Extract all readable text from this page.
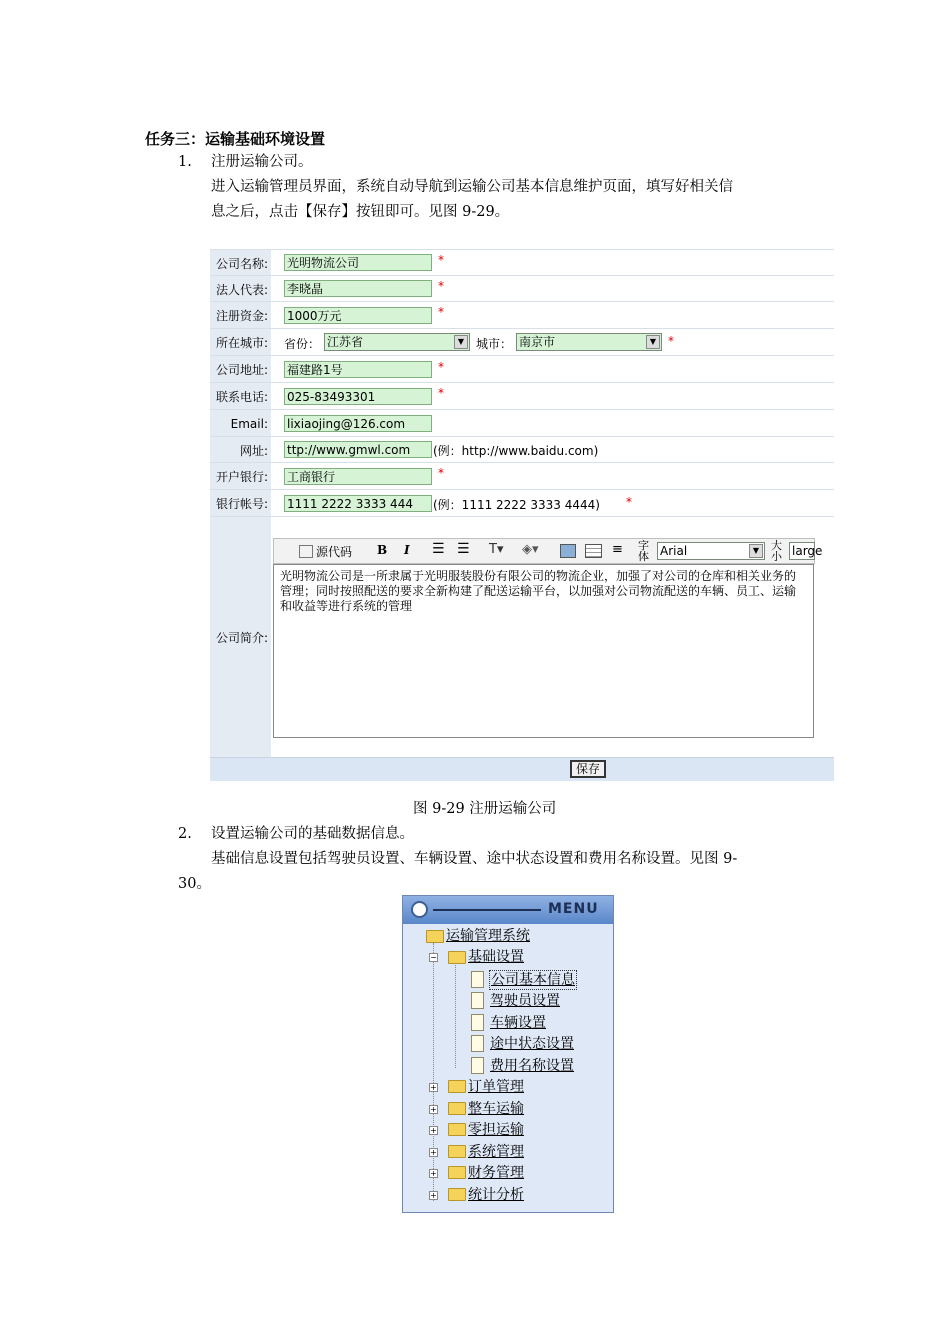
任务三：运输基础环境设置
1. 注册运输公司。
进入运输管理员界面，系统自动导航到运输公司基本信息维护页面，填写好相关信
息之后，点击【保存】按钮即可。见图 9-29。
公司名称: 光明物流公司	*
法人代表: 李晓晶	*
注册资金: 1000万元	*
所在城市: 省份： 江苏省	▼ 城市： 南京市	▼ *
公司地址: 福建路1号	*
联系电话: 025-83493301	*
Email: lixiaojing@126.com
网址: ttp://www.gmwl.com	(例：http://www.baidu.com)
开户银行: 工商银行	*
银行帐号: 1111 2222 3333 444	(例：1111 2222 3333 4444) *
公司简介:
源代码 B I ☰ ☰ T▾ ◈▾	≡ 字
体 Arial	▼	大
小 large
光明物流公司是一所隶属于光明服装股份有限公司的物流企业，加强了对公司的仓库和相关业务的管理；同时按照配送的要求全新构建了配送运输平台，以加强对公司物流配送的车辆、员工、运输和收益等进行系统的管理
保存
图 9-29 注册运输公司
2. 设置运输公司的基础数据信息。
基础信息设置包括驾驶员设置、车辆设置、途中状态设置和费用名称设置。见图 9-
30。
MENU
运输管理系统
− 基础设置
公司基本信息
驾驶员设置
车辆设置
途中状态设置
费用名称设置
+ 订单管理
+ 整车运输
+ 零担运输
+ 系统管理
+ 财务管理
+ 统计分析
